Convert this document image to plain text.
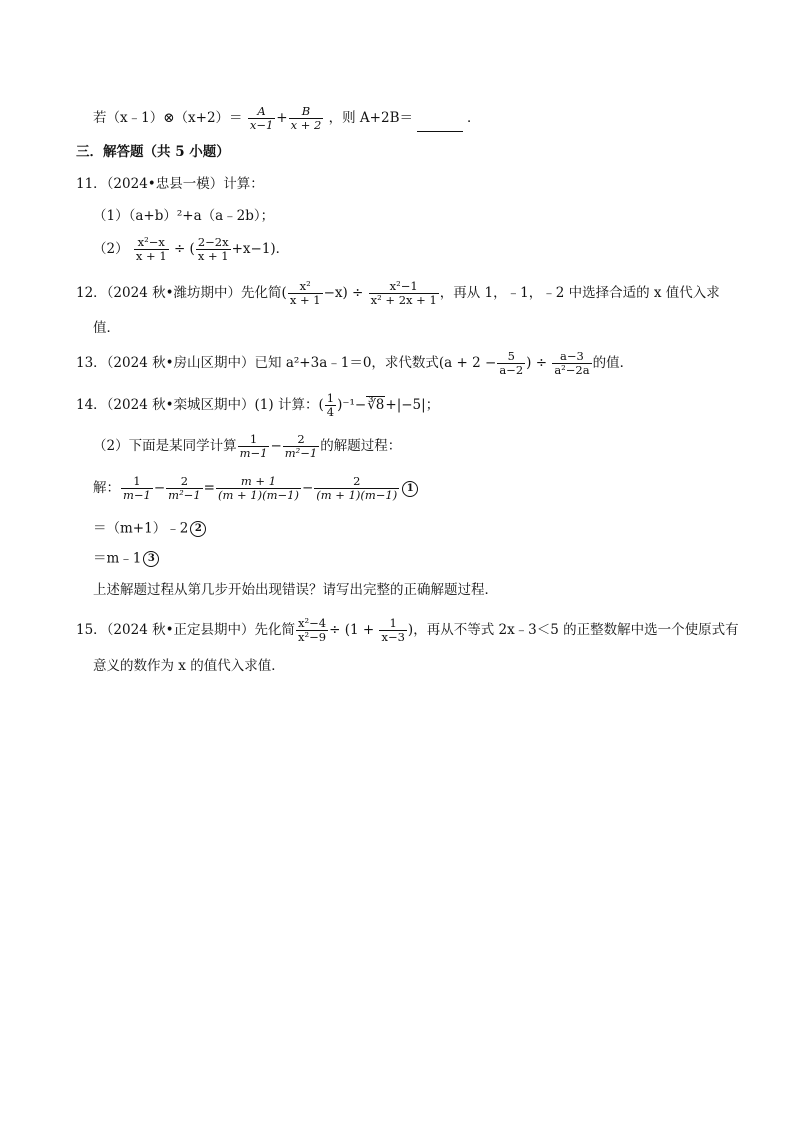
若（x﹣1）⊗（x+2）＝ $\frac{A}{x-1} + \frac{B}{x + 2}$ ，则 A+2B＝	．
三．解答题（共 5 小题）
11．（2024•忠县一模）计算：
（1）（a+b）²+a（a﹣2b）；
$(2) \frac{\text{x²−x}}{x + 1}$ ÷ ( $\frac{2-2x}{x + 1} +x-1$)．
12．（2024 秋•潍坊期中）先化简( $\frac{\text{x²}}{x + 1} -x) \div \frac{\text{x²−1}}{\text{x² + 2x + 1}}$ ，再从 1，﹣1，﹣2 中选择合适的 x 值代入求
值．
13．（2024 秋•房山区期中）已知 a²+3a﹣1＝0，求代数式($a + 2 - \frac{5}{a-2}$ ) ÷ $\frac{a-3}{\text{a²−2a}}$ 的值．
14．（2024 秋•栾城区期中）(1) 计算：( $\frac{1}{4}$ )⁻¹−∛8+|−5|；
（2）下面是某同学计算 $\frac{1}{m-1} - \frac{2}{\text{m²−1}}$ 的解题过程：
解： $\frac{1}{m-1} - \frac{2}{\text{m²−1}} = \frac{m + 1}{(m + 1)(m-1)} - \frac{2}{(m + 1)(m-1)} 1$
＝（m+1）﹣2 2
＝m﹣1 3
上述解题过程从第几步开始出现错误？请写出完整的正确解题过程．
15．（2024 秋•正定县期中）先化简 $\frac{\text{x²−4}}{\text{x²−9}} \div (1 + \frac{1}{x-3}$ )，再从不等式 2x﹣3＜5 的正整数解中选一个使原式有
意义的数作为 x 的值代入求值．
